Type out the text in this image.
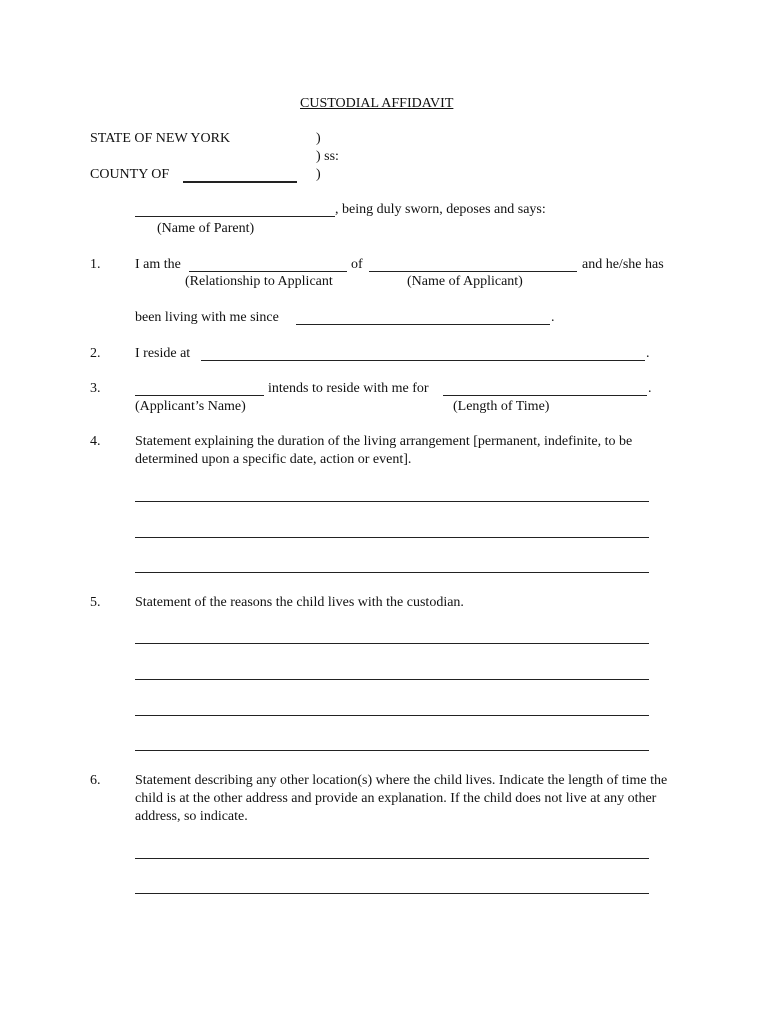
CUSTODIAL AFFIDAVIT
STATE OF NEW YORK	)
) ss:
COUNTY OF	)
, being duly sworn, deposes and says:
(Name of Parent)
1. I am the	of	and he/she has
(Relationship to Applicant	(Name of Applicant)
been living with me since	.
2. I reside at	.
3.	intends to reside with me for	.
(Applicant’s Name)	(Length of Time)
4. Statement explaining the duration of the living arrangement [permanent, indefinite, to be determined upon a specific date, action or event].
5. Statement of the reasons the child lives with the custodian.
6. Statement describing any other location(s) where the child lives. Indicate the length of time the child is at the other address and provide an explanation. If the child does not live at any other address, so indicate.
